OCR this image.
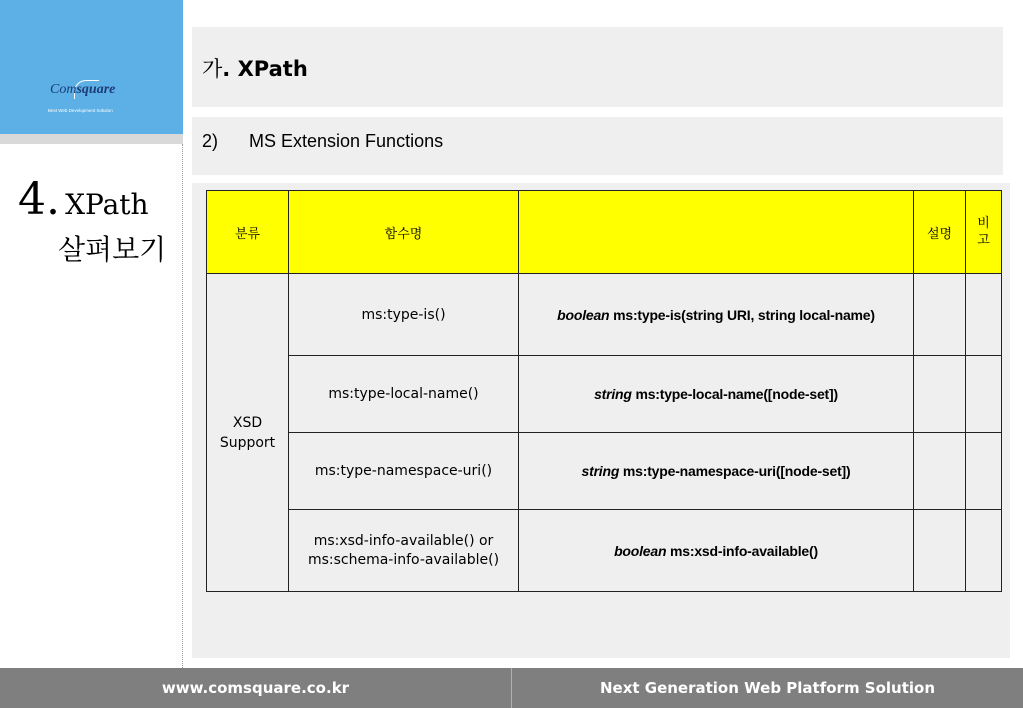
Comsquare
Best Web Development Solution
4. XPath
살펴보기
가. XPath
2) MS Extension Functions
분류	함수명		설명	비
고
XSD
Support	ms:type-is()	boolean ms:type-is(string URI, string local-name)		
	ms:type-local-name()	string ms:type-local-name([node-set])		
	ms:type-namespace-uri()	string ms:type-namespace-uri([node-set])		
	ms:xsd-info-available() or
ms:schema-info-available()	boolean ms:xsd-info-available()		
www.comsquare.co.kr	Next Generation Web Platform Solution
